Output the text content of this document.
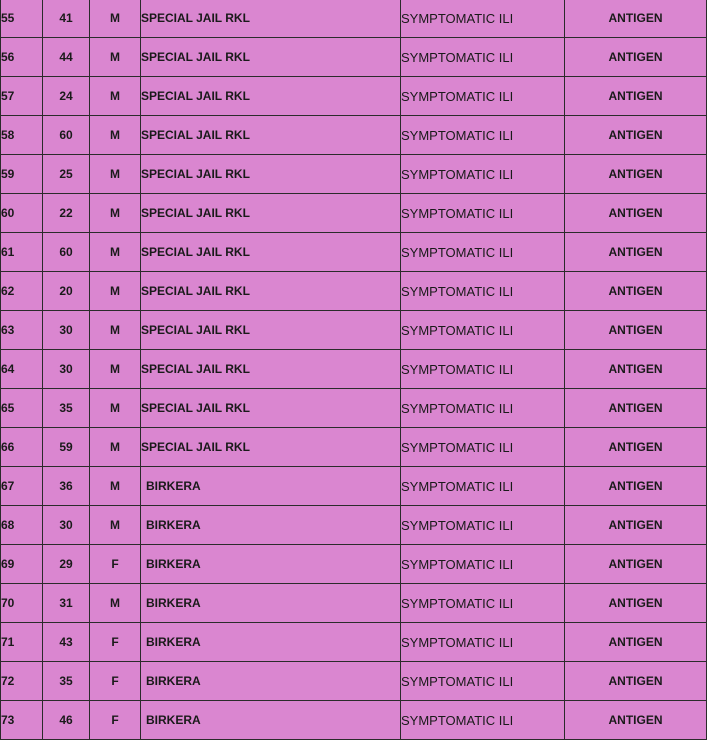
55	41	M	SPECIAL JAIL RKL	SYMPTOMATIC ILI	ANTIGEN
56	44	M	SPECIAL JAIL RKL	SYMPTOMATIC ILI	ANTIGEN
57	24	M	SPECIAL JAIL RKL	SYMPTOMATIC ILI	ANTIGEN
58	60	M	SPECIAL JAIL RKL	SYMPTOMATIC ILI	ANTIGEN
59	25	M	SPECIAL JAIL RKL	SYMPTOMATIC ILI	ANTIGEN
60	22	M	SPECIAL JAIL RKL	SYMPTOMATIC ILI	ANTIGEN
61	60	M	SPECIAL JAIL RKL	SYMPTOMATIC ILI	ANTIGEN
62	20	M	SPECIAL JAIL RKL	SYMPTOMATIC ILI	ANTIGEN
63	30	M	SPECIAL JAIL RKL	SYMPTOMATIC ILI	ANTIGEN
64	30	M	SPECIAL JAIL RKL	SYMPTOMATIC ILI	ANTIGEN
65	35	M	SPECIAL JAIL RKL	SYMPTOMATIC ILI	ANTIGEN
66	59	M	SPECIAL JAIL RKL	SYMPTOMATIC ILI	ANTIGEN
67	36	M	BIRKERA	SYMPTOMATIC ILI	ANTIGEN
68	30	M	BIRKERA	SYMPTOMATIC ILI	ANTIGEN
69	29	F	BIRKERA	SYMPTOMATIC ILI	ANTIGEN
70	31	M	BIRKERA	SYMPTOMATIC ILI	ANTIGEN
71	43	F	BIRKERA	SYMPTOMATIC ILI	ANTIGEN
72	35	F	BIRKERA	SYMPTOMATIC ILI	ANTIGEN
73	46	F	BIRKERA	SYMPTOMATIC ILI	ANTIGEN
